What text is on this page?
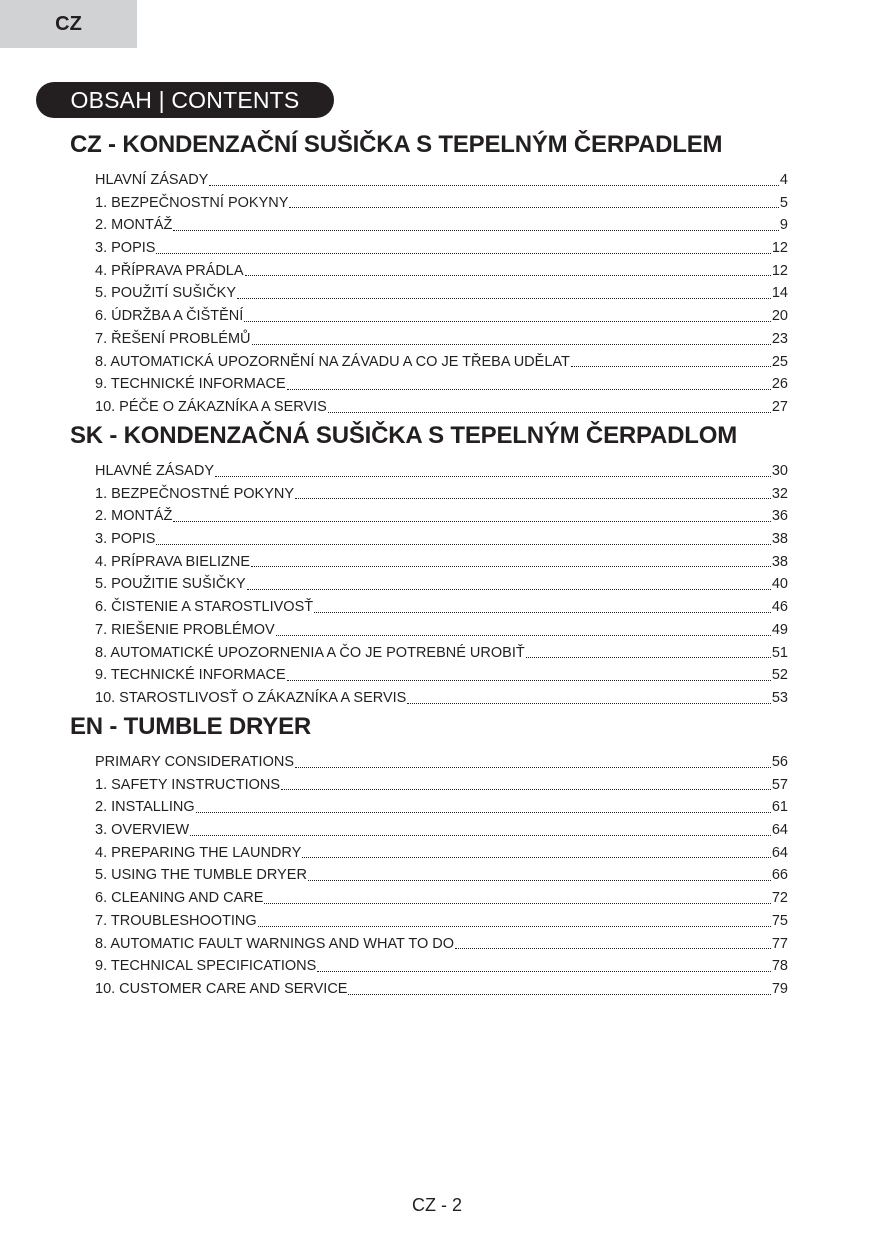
CZ
OBSAH | CONTENTS
CZ - KONDENZAČNÍ SUŠIČKA S TEPELNÝM ČERPADLEM
HLAVNÍ ZÁSADY	4
1. BEZPEČNOSTNÍ POKYNY	5
2. MONTÁŽ	9
3. POPIS	12
4. PŘÍPRAVA PRÁDLA	12
5. POUŽITÍ SUŠIČKY	14
6. ÚDRŽBA A ČIŠTĚNÍ	20
7. ŘEŠENÍ PROBLÉMŮ	23
8. AUTOMATICKÁ UPOZORNĚNÍ NA ZÁVADU A CO JE TŘEBA UDĚLAT	25
9. TECHNICKÉ INFORMACE	26
10. PÉČE O ZÁKAZNÍKA A SERVIS	27
SK - KONDENZAČNÁ SUŠIČKA S TEPELNÝM ČERPADLOM
HLAVNÉ ZÁSADY	30
1. BEZPEČNOSTNÉ POKYNY	32
2. MONTÁŽ	36
3. POPIS	38
4. PRÍPRAVA BIELIZNE	38
5. POUŽITIE SUŠIČKY	40
6. ČISTENIE A STAROSTLIVOSŤ	46
7. RIEŠENIE PROBLÉMOV	49
8. AUTOMATICKÉ UPOZORNENIA A ČO JE POTREBNÉ UROBIŤ	51
9. TECHNICKÉ INFORMACE	52
10. STAROSTLIVOSŤ O ZÁKAZNÍKA A SERVIS	53
EN - TUMBLE DRYER
PRIMARY CONSIDERATIONS	56
1. SAFETY INSTRUCTIONS	57
2. INSTALLING	61
3. OVERVIEW	64
4. PREPARING THE LAUNDRY	64
5. USING THE TUMBLE DRYER	66
6. CLEANING AND CARE	72
7. TROUBLESHOOTING	75
8. AUTOMATIC FAULT WARNINGS AND WHAT TO DO	77
9. TECHNICAL SPECIFICATIONS	78
10. CUSTOMER CARE AND SERVICE	79
CZ - 2
